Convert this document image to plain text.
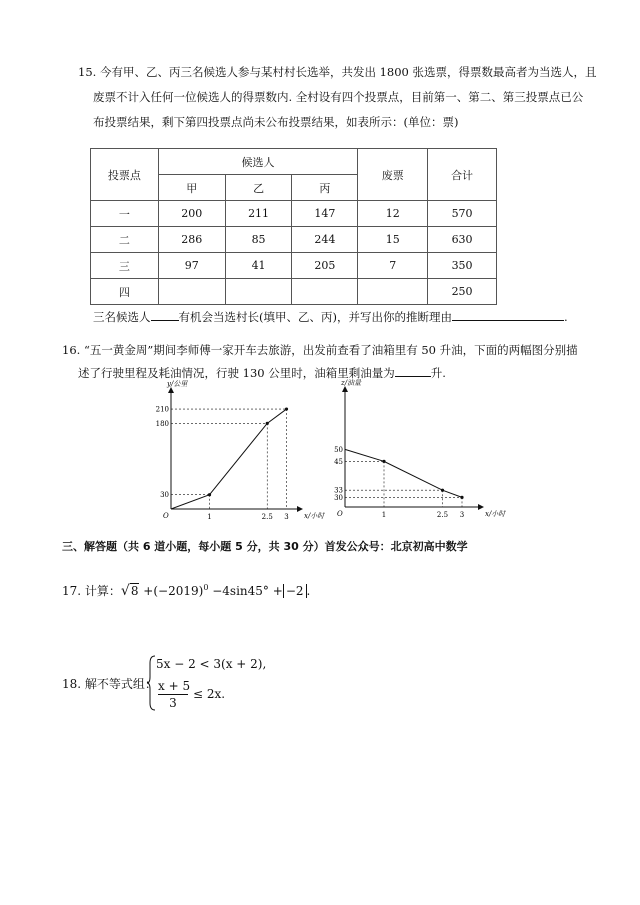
15. 今有甲、乙、丙三名候选人参与某村村长选举，共发出 1800 张选票，得票数最高者为当选人，且
废票不计入任何一位候选人的得票数内. 全村设有四个投票点，目前第一、第二、第三投票点已公
布投票结果，剩下第四投票点尚未公布投票结果，如表所示：(单位：票)
投票点	候选人			废票	合计
	甲	乙	丙		
一	200	211	147	12	570
二	286	85	244	15	630
三	97	41	205	7	350
四					250
三名候选人 有机会当选村长(填甲、乙、丙)，并写出你的推断理由	.
16. “五一黄金周”期间李师傅一家开车去旅游，出发前查看了油箱里有 50 升油，下面的两幅图分别描
述了行驶里程及耗油情况，行驶 130 公里时，油箱里剩油量为	升.
y/公里
x/小时
O	1	2.5 3
30
180
210
z/油量
x/小时
O	1	2.5 3
50
45
33
30
三、解答题（共 6 道小题，每小题 5 分，共 30 分）首发公众号：北京初高中数学
17. 计算：$√8 +(-2019)^0 -4\sin 45^\circ + -2$ .
18. 解不等式组：
5x − 2 < 3(x + 2),
x + 5
3
≤ 2x.
